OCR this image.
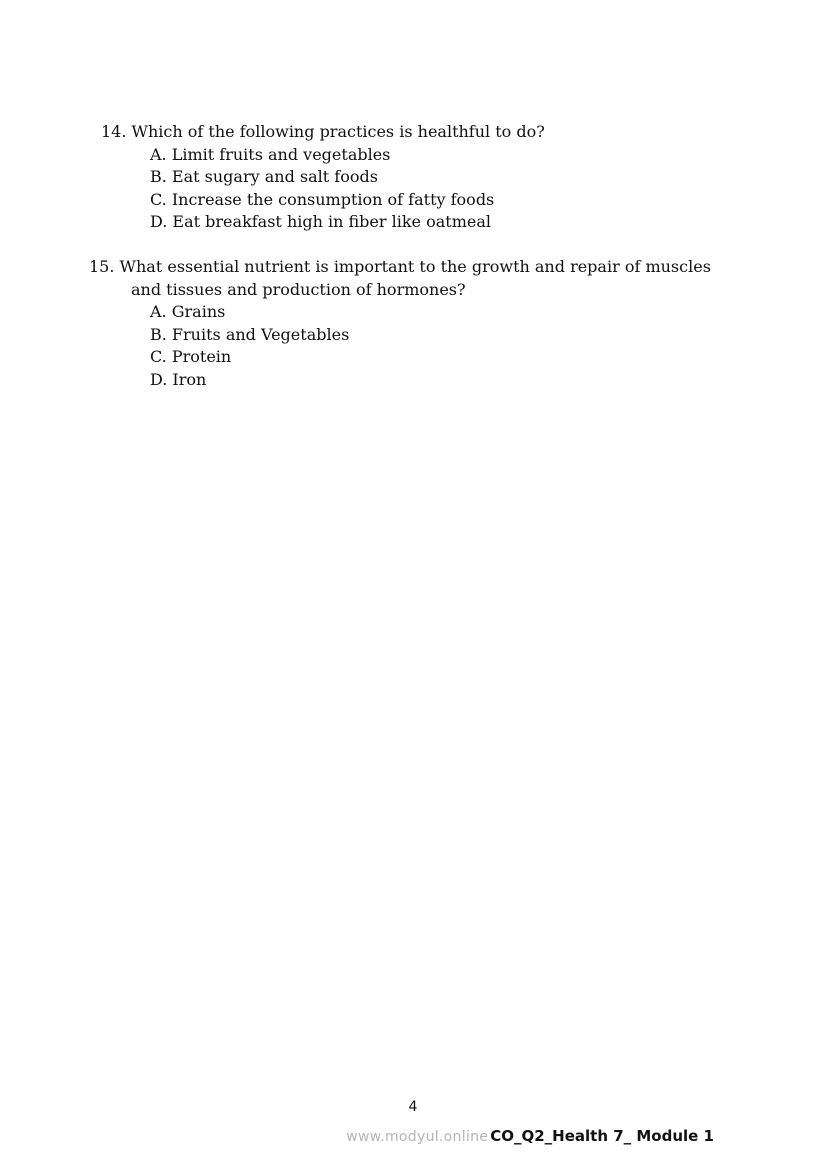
14. Which of the following practices is healthful to do?
A. Limit fruits and vegetables
B. Eat sugary and salt foods
C. Increase the consumption of fatty foods
D. Eat breakfast high in fiber like oatmeal
15. What essential nutrient is important to the growth and repair of muscles
and tissues and production of hormones?
A. Grains
B. Fruits and Vegetables
C. Protein
D. Iron
4
www.modyul.online CO_Q2_Health 7_ Module 1
